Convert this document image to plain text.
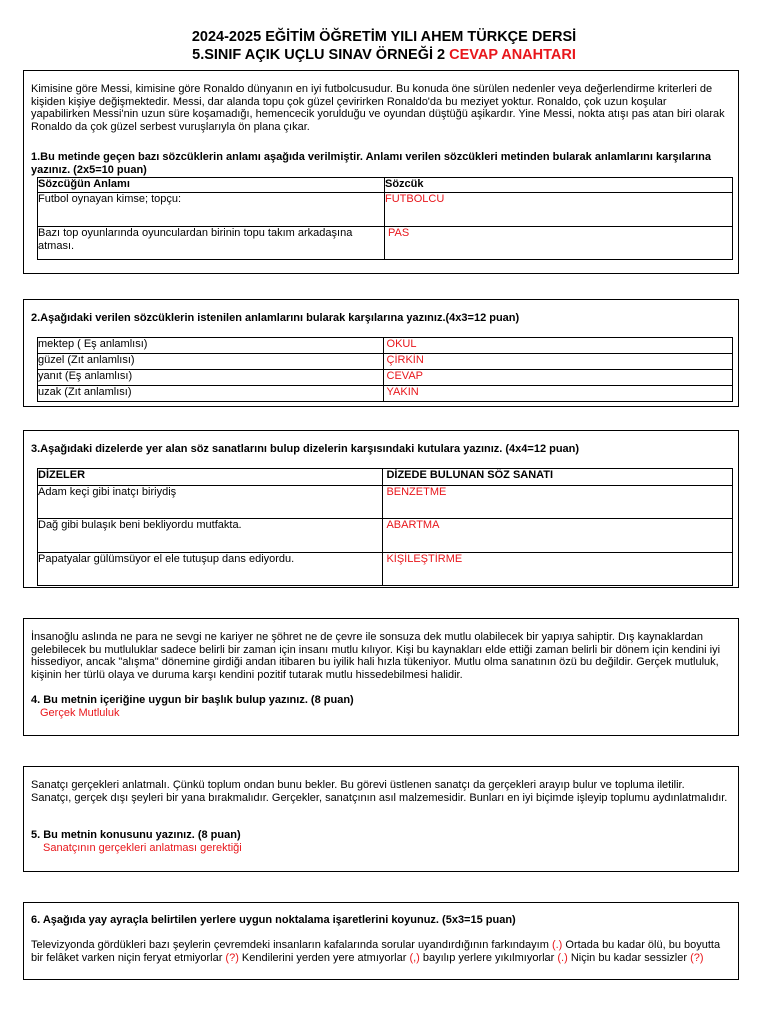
2024-2025 EĞİTİM ÖĞRETİM YILI AHEM TÜRKÇE DERSİ
5.SINIF AÇIK UÇLU SINAV ÖRNEĞİ 2 CEVAP ANAHTARI
Kimisine göre Messi, kimisine göre Ronaldo dünyanın en iyi futbolcusudur. Bu konuda öne sürülen nedenler veya değerlendirme kriterleri de kişiden kişiye değişmektedir. Messi, dar alanda topu çok güzel çevirirken Ronaldo'da bu meziyet yoktur. Ronaldo, çok uzun koşular yapabilirken Messi'nin uzun süre koşamadığı, hemencecik yorulduğu ve oyundan düştüğü aşikardır. Yine Messi, nokta atışı pas atan biri olarak Ronaldo da çok güzel serbest vuruşlarıyla ön plana çıkar.
1.Bu metinde geçen bazı sözcüklerin anlamı aşağıda verilmiştir. Anlamı verilen sözcükleri metinden bularak anlamlarını karşılarına yazınız. (2x5=10 puan)
Sözcüğün Anlamı	Sözcük
Futbol oynayan kimse; topçu:	FUTBOLCU
Bazı top oyunlarında oyunculardan birinin topu takım arkadaşına atması.	PAS
2.Aşağıdaki verilen sözcüklerin istenilen anlamlarını bularak karşılarına yazınız.(4x3=12 puan)
mektep ( Eş anlamlısı)	OKUL
güzel (Zıt anlamlısı)	ÇİRKİN
yanıt (Eş anlamlısı)	CEVAP
uzak (Zıt anlamlısı)	YAKIN
3.Aşağıdaki dizelerde yer alan söz sanatlarını bulup dizelerin karşısındaki kutulara yazınız. (4x4=12 puan)
DİZELER	DİZEDE BULUNAN SÖZ SANATI
Adam keçi gibi inatçı biriydiş	BENZETME
Dağ gibi bulaşık beni bekliyordu mutfakta.	ABARTMA
Papatyalar gülümsüyor el ele tutuşup dans ediyordu.	KİŞİLEŞTİRME
İnsanoğlu aslında ne para ne sevgi ne kariyer ne şöhret ne de çevre ile sonsuza dek mutlu olabilecek bir yapıya sahiptir. Dış kaynaklardan gelebilecek bu mutluluklar sadece belirli bir zaman için insanı mutlu kılıyor. Kişi bu kaynakları elde ettiği zaman belirli bir dönem için kendini iyi hissediyor, ancak "alışma" dönemine girdiği andan itibaren bu iyilik hali hızla tükeniyor. Mutlu olma sanatının özü bu değildir. Gerçek mutluluk, kişinin her türlü olaya ve duruma karşı kendini pozitif tutarak mutlu hissedebilmesi halidir.
4. Bu metnin içeriğine uygun bir başlık bulup yazınız. (8 puan)
Gerçek Mutluluk
Sanatçı gerçekleri anlatmalı. Çünkü toplum ondan bunu bekler. Bu görevi üstlenen sanatçı da gerçekleri arayıp bulur ve topluma iletilir. Sanatçı, gerçek dışı şeyleri bir yana bırakmalıdır. Gerçekler, sanatçının asıl malzemesidir. Bunları en iyi biçimde işleyip toplumu aydınlatmalıdır.
5. Bu metnin konusunu yazınız. (8 puan)
Sanatçının gerçekleri anlatması gerektiği
6. Aşağıda yay ayraçla belirtilen yerlere uygun noktalama işaretlerini koyunuz. (5x3=15 puan)
Televizyonda gördükleri bazı şeylerin çevremdeki insanların kafalarında sorular uyandırdığının farkındayım (.) Ortada bu kadar ölü, bu boyutta bir felâket varken niçin feryat etmiyorlar (?) Kendilerini yerden yere atmıyorlar (,) bayılıp yerlere yıkılmıyorlar (.) Niçin bu kadar sessizler (?)
